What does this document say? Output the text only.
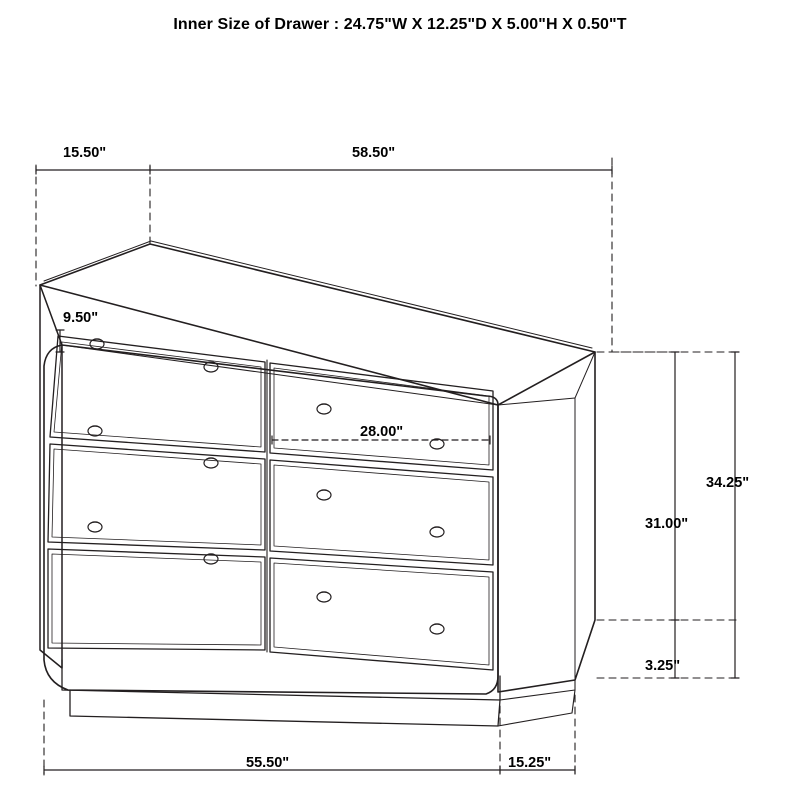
Inner Size of Drawer : 24.75"W X 12.25"D X 5.00"H X 0.50"T
15.50"	58.50"
9.50"
28.00"
34.25"
31.00"
3.25"
55.50"	15.25"
